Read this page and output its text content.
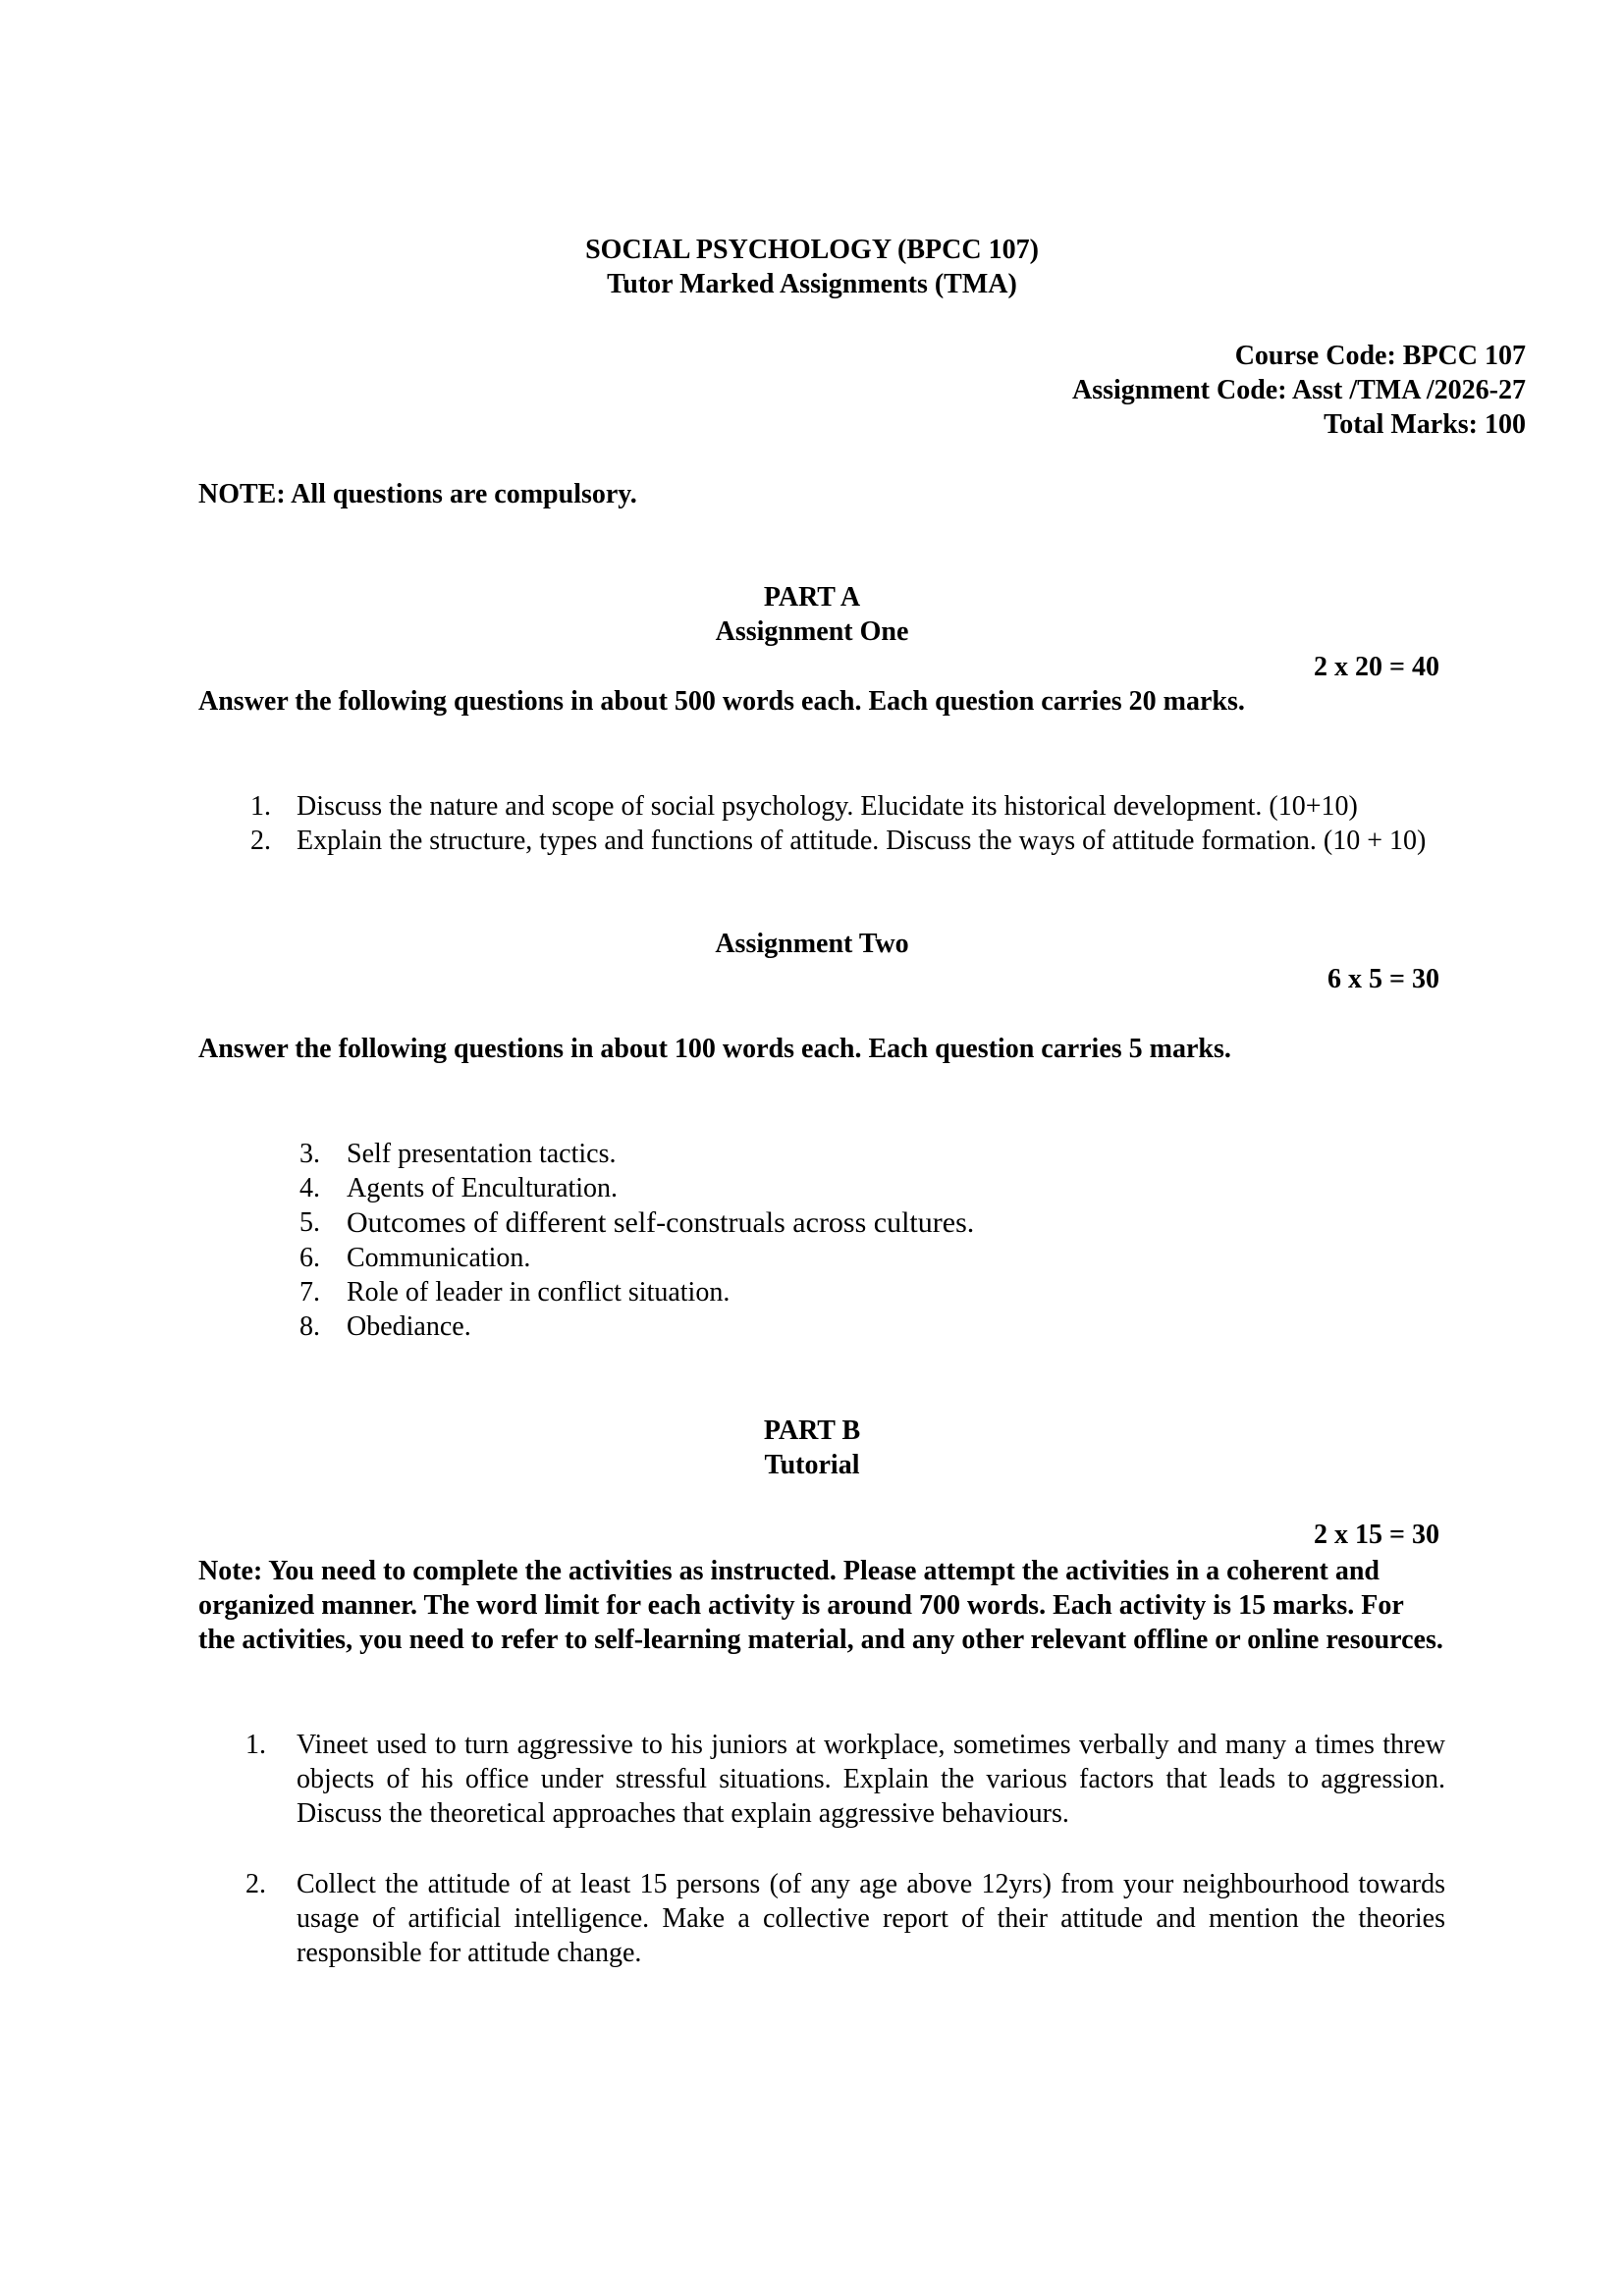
SOCIAL PSYCHOLOGY (BPCC 107)
Tutor Marked Assignments (TMA)
Course Code: BPCC 107
Assignment Code: Asst /TMA /2026-27
Total Marks: 100
NOTE: All questions are compulsory.
PART A
Assignment One
2 x 20 = 40
Answer the following questions in about 500 words each. Each question carries 20 marks.
1. Discuss the nature and scope of social psychology. Elucidate its historical development. (10+10)
2. Explain the structure, types and functions of attitude. Discuss the ways of attitude formation. (10 + 10)
Assignment Two
6 x 5 = 30
Answer the following questions in about 100 words each. Each question carries 5 marks.
3. Self presentation tactics.
4. Agents of Enculturation.
5. Outcomes of different self-construals across cultures.
6. Communication.
7. Role of leader in conflict situation.
8. Obediance.
PART B
Tutorial
2 x 15 = 30
Note: You need to complete the activities as instructed. Please attempt the activities in a coherent and organized manner. The word limit for each activity is around 700 words. Each activity is 15 marks. For the activities, you need to refer to self-learning material, and any other relevant offline or online resources.
1. Vineet used to turn aggressive to his juniors at workplace, sometimes verbally and many a times threw objects of his office under stressful situations. Explain the various factors that leads to aggression. Discuss the theoretical approaches that explain aggressive behaviours.
2. Collect the attitude of at least 15 persons (of any age above 12yrs) from your neighbourhood towards usage of artificial intelligence. Make a collective report of their attitude and mention the theories responsible for attitude change.
